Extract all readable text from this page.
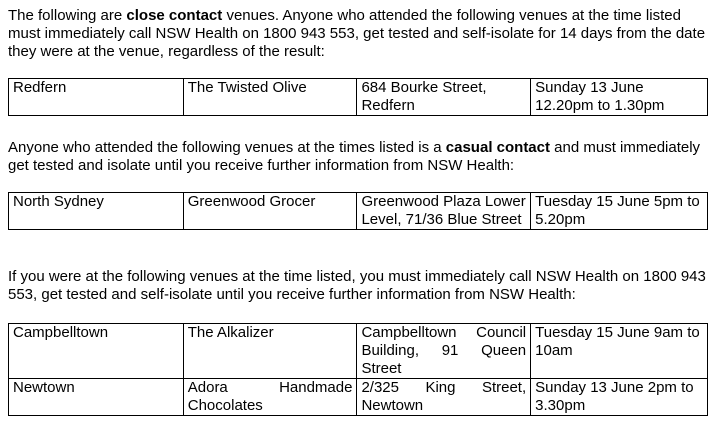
The following are close contact venues. Anyone who attended the following venues at the time listed must immediately call NSW Health on 1800 943 553, get tested and self-isolate for 14 days from the date they were at the venue, regardless of the result:

Redfern	The Twisted Olive	684 Bourke Street, Redfern	Sunday 13 June 12.20pm to 1.30pm

Anyone who attended the following venues at the times listed is a casual contact and must immediately get tested and isolate until you receive further information from NSW Health:

North Sydney	Greenwood Grocer	Greenwood Plaza Lower Level, 71/36 Blue Street	Tuesday 15 June 5pm to 5.20pm

If you were at the following venues at the time listed, you must immediately call NSW Health on 1800 943 553, get tested and self-isolate until you receive further information from NSW Health:

Campbelltown	The Alkalizer	Campbelltown Council Building, 91 Queen Street	Tuesday 15 June 9am to 10am
Newtown	Adora Handmade Chocolates	2/325 King Street, Newtown	Sunday 13 June 2pm to 3.30pm
